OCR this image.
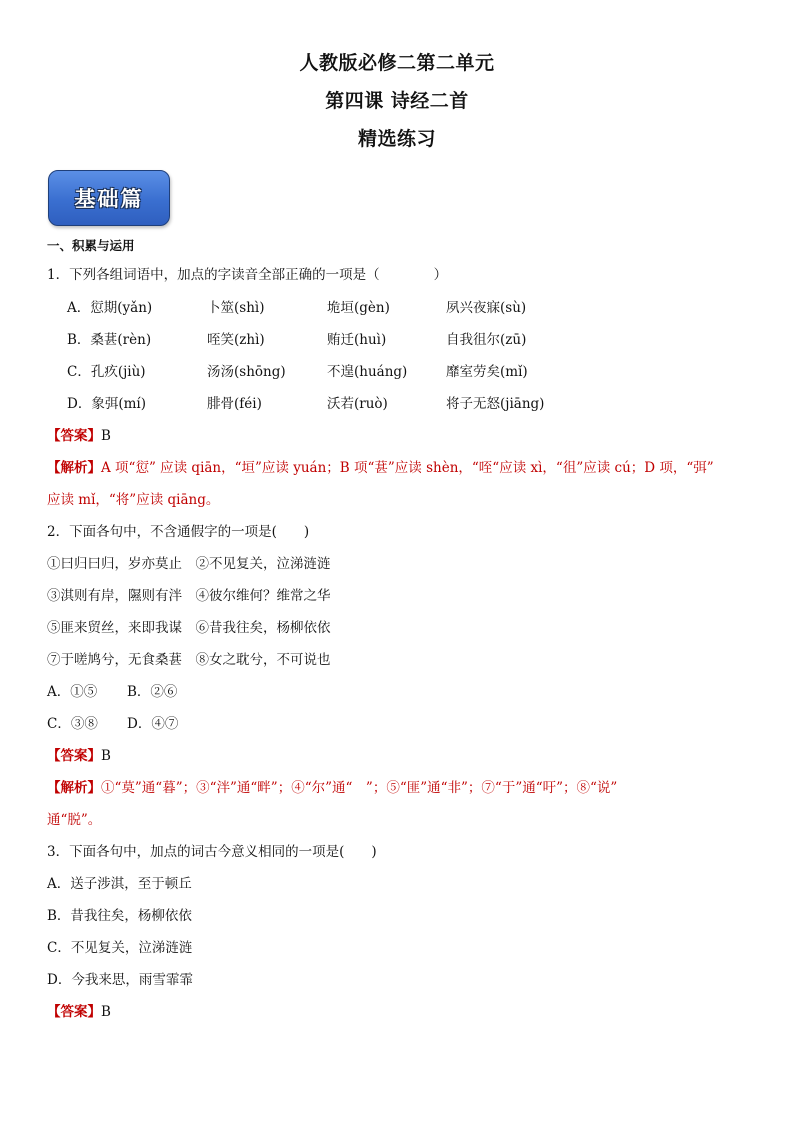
人教版必修二第二单元
第四课 诗经二首
精选练习
基础篇
一、积累与运用
1．下列各组词语中，加点的字读音全部正确的一项是（　　　　）
A．愆期(yǎn)	卜筮(shì)	垝垣(gèn)	夙兴夜寐(sù)
B．桑葚(rèn)	咥笑(zhì)	贿迁(huì)	自我徂尔(zū)
C．孔疚(jiù)	汤汤(shōng)	不遑(huáng)	靡室劳矣(mǐ)
D．象弭(mí)	腓骨(féi)	沃若(ruò)	将子无怒(jiāng)
【答案】B
【解析】A 项“愆” 应读 qiān，“垣”应读 yuán；B 项“葚”应读 shèn，“咥“应读 xì，“徂”应读 cú；D 项，“弭”
应读 mǐ，“将”应读 qiāng。
2．下面各句中，不含通假字的一项是(　　)
①曰归曰归，岁亦莫止　②不见复关，泣涕涟涟
③淇则有岸，隰则有泮　④彼尔维何？维常之华
⑤匪来贸丝，来即我谋　⑥昔我往矣，杨柳依依
⑦于嗟鸠兮，无食桑葚　⑧女之耽兮，不可说也
A．①⑤ B．②⑥
C．③⑧ D．④⑦
【答案】B
【解析】①“莫”通“暮”；③“泮”通“畔”；④“尔”通“　”；⑤“匪”通“非”；⑦“于”通“吁”；⑧“说”
通“脱”。
3．下面各句中，加点的词古今意义相同的一项是(　　)
A．送子涉淇，至于顿丘
B．昔我往矣，杨柳依依
C．不见复关，泣涕涟涟
D．今我来思，雨雪霏霏
【答案】B
